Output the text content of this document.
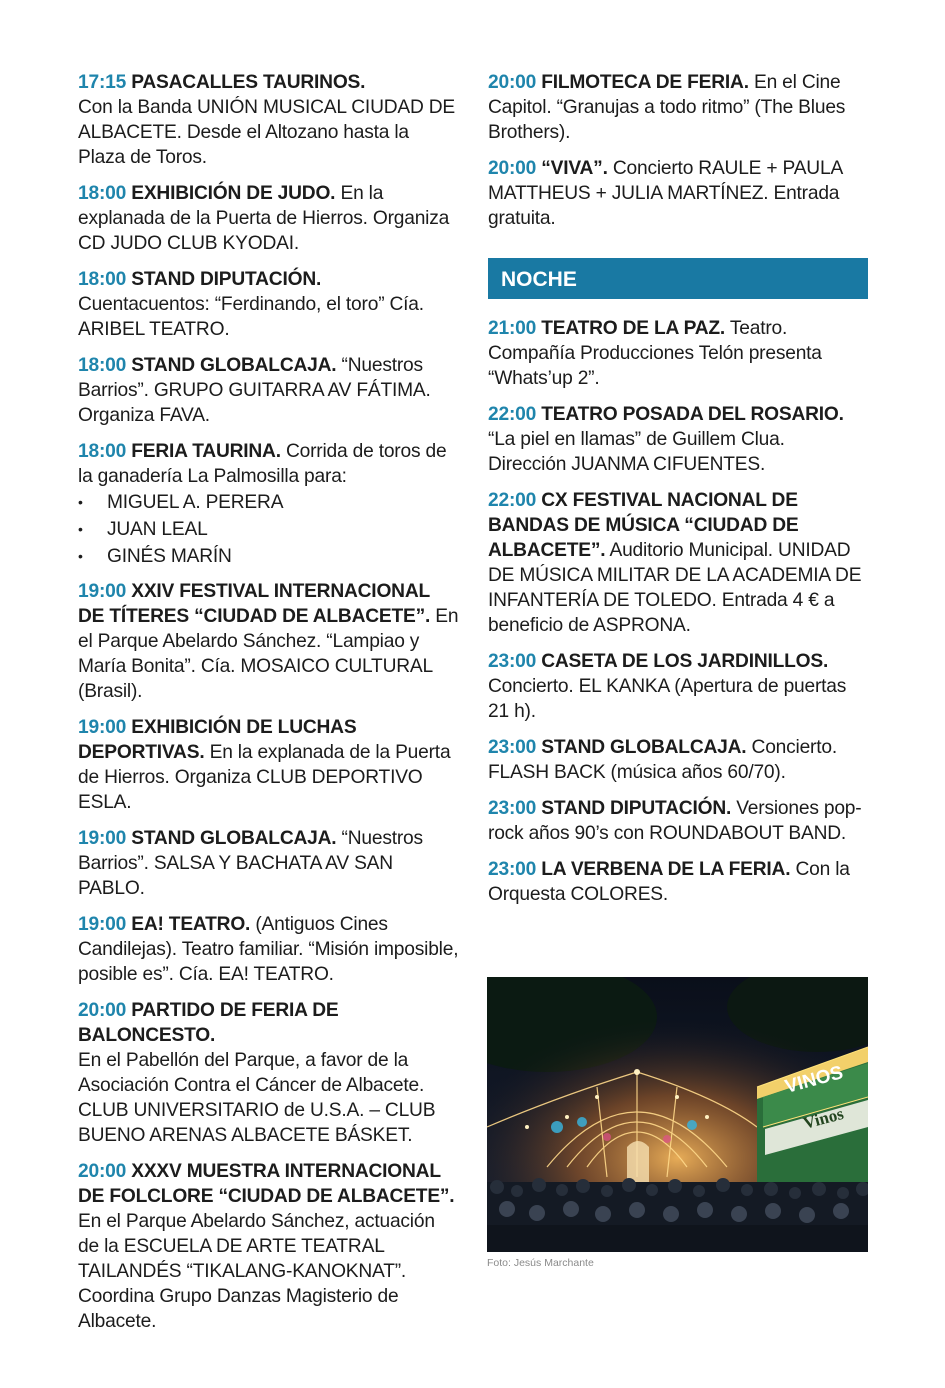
17:15 PASACALLES TAURINOS.
Con la Banda UNIÓN MUSICAL CIUDAD DE ALBACETE. Desde el Altozano hasta la Plaza de Toros.

18:00 EXHIBICIÓN DE JUDO. En la explanada de la Puerta de Hierros. Organiza CD JUDO CLUB KYODAI.

18:00 STAND DIPUTACIÓN.
Cuentacuentos: “Ferdinando, el toro” Cía. ARIBEL TEATRO.

18:00 STAND GLOBALCAJA. “Nuestros Barrios”. GRUPO GUITARRA AV FÁTIMA. Organiza FAVA.

18:00 FERIA TAURINA. Corrida de toros de la ganadería La Palmosilla para:
• MIGUEL A. PERERA
• JUAN LEAL
• GINÉS MARÍN

19:00 XXIV FESTIVAL INTERNACIONAL DE TÍTERES “CIUDAD DE ALBACETE”. En el Parque Abelardo Sánchez. “Lampiao y María Bonita”. Cía. MOSAICO CULTURAL (Brasil).

19:00 EXHIBICIÓN DE LUCHAS DEPORTIVAS. En la explanada de la Puerta de Hierros. Organiza CLUB DEPORTIVO ESLA.

19:00 STAND GLOBALCAJA. “Nuestros Barrios”. SALSA Y BACHATA AV SAN PABLO.

19:00 EA! TEATRO. (Antiguos Cines Candilejas). Teatro familiar. “Misión imposible, posible es”. Cía. EA! TEATRO.

20:00 PARTIDO DE FERIA DE BALONCESTO.
En el Pabellón del Parque, a favor de la Asociación Contra el Cáncer de Albacete. CLUB UNIVERSITARIO de U.S.A. – CLUB BUENO ARENAS ALBACETE BÁSKET.

20:00 XXXV MUESTRA INTERNACIONAL DE FOLCLORE “CIUDAD DE ALBACETE”.
En el Parque Abelardo Sánchez, actuación de la ESCUELA DE ARTE TEATRAL TAILANDÉS “TIKALANG-KANOKNAT”. Coordina Grupo Danzas Magisterio de Albacete.

20:00 FILMOTECA DE FERIA. En el Cine Capitol. “Granujas a todo ritmo” (The Blues Brothers).

20:00 “VIVA”. Concierto RAULE + PAULA MATTHEUS + JULIA MARTÍNEZ. Entrada gratuita.

NOCHE

21:00 TEATRO DE LA PAZ. Teatro. Compañía Producciones Telón presenta “Whats’up 2”.

22:00 TEATRO POSADA DEL ROSARIO.
“La piel en llamas” de Guillem Clua. Dirección JUANMA CIFUENTES.

22:00 CX FESTIVAL NACIONAL DE BANDAS DE MÚSICA “CIUDAD DE ALBACETE”. Auditorio Municipal. UNIDAD DE MÚSICA MILITAR DE LA ACADEMIA DE INFANTERÍA DE TOLEDO. Entrada 4 € a beneficio de ASPRONA.

23:00 CASETA DE LOS JARDINILLOS.
Concierto. EL KANKA (Apertura de puertas 21 h).

23:00 STAND GLOBALCAJA. Concierto. FLASH BACK (música años 60/70).

23:00 STAND DIPUTACIÓN. Versiones pop-rock años 90’s con ROUNDABOUT BAND.

23:00 LA VERBENA DE LA FERIA. Con la Orquesta COLORES.

VINOS
Vinos
Foto: Jesús Marchante
